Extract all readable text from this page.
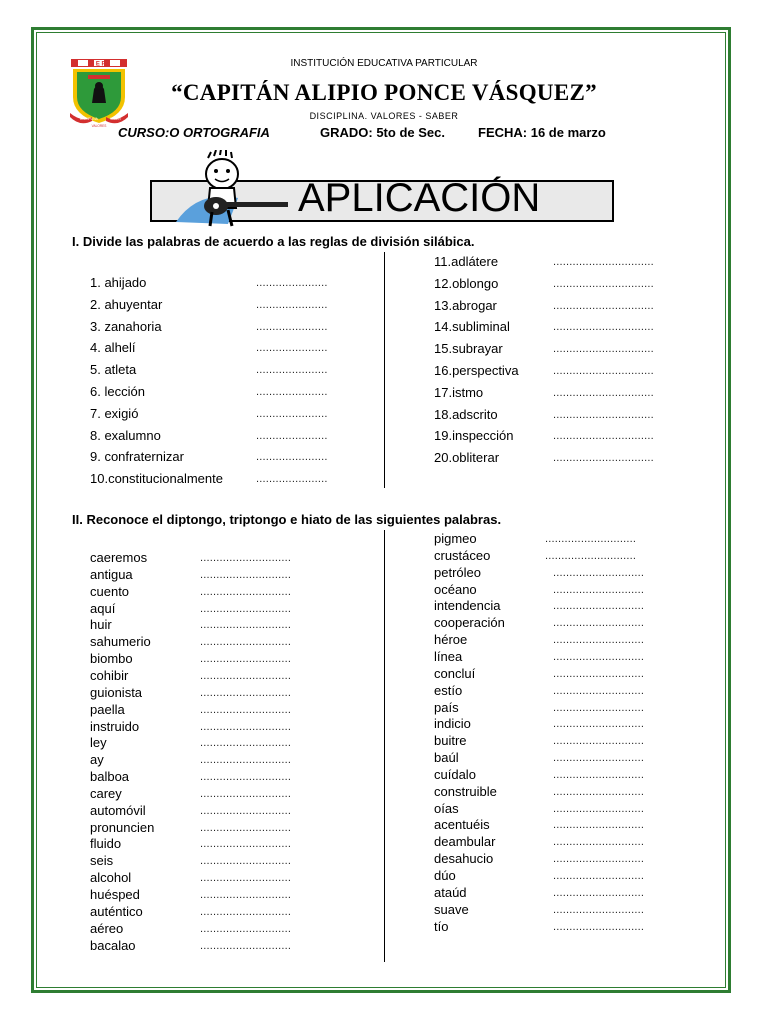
I E P
DISCIPLINA	SABER
VALORES
INSTITUCIÓN EDUCATIVA PARTICULAR
“CAPITÁN ALIPIO PONCE VÁSQUEZ”
DISCIPLINA. VALORES - SABER
CURSO:O ORTOGRAFIA	GRADO: 5to de Sec.	FECHA: 16 de marzo
APLICACIÓN
I. Divide las palabras de acuerdo a las reglas de división silábica.
1. ahijado	......................
2. ahuyentar	......................
3. zanahoria	......................
4. alhelí	......................
5. atleta	......................
6. lección	......................
7. exigió	......................
8. exalumno	......................
9. confraternizar	......................
10.constitucionalmente	......................
11.adlátere	...............................
12.oblongo	...............................
13.abrogar	...............................
14.subliminal	...............................
15.subrayar	...............................
16.perspectiva	...............................
17.istmo	...............................
18.adscrito	...............................
19.inspección	...............................
20.obliterar	...............................
II. Reconoce el diptongo, triptongo e hiato de las siguientes palabras.
caeremos	............................
antigua	............................
cuento	............................
aquí	............................
huir	............................
sahumerio	............................
biombo	............................
cohibir	............................
guionista	............................
paella	............................
instruido	............................
ley	............................
ay	............................
balboa	............................
carey	............................
automóvil	............................
pronuncien	............................
fluido	............................
seis	............................
alcohol	............................
huésped	............................
auténtico	............................
aéreo	............................
bacalao	............................
pigmeo	............................
crustáceo	............................
petróleo	............................
océano	............................
intendencia	............................
cooperación	............................
héroe	............................
línea	............................
concluí	............................
estío	............................
país	............................
indicio	............................
buitre	............................
baúl	............................
cuídalo	............................
construible	............................
oías	............................
acentuéis	............................
deambular	............................
desahucio	............................
dúo	............................
ataúd	............................
suave	............................
tío	............................
